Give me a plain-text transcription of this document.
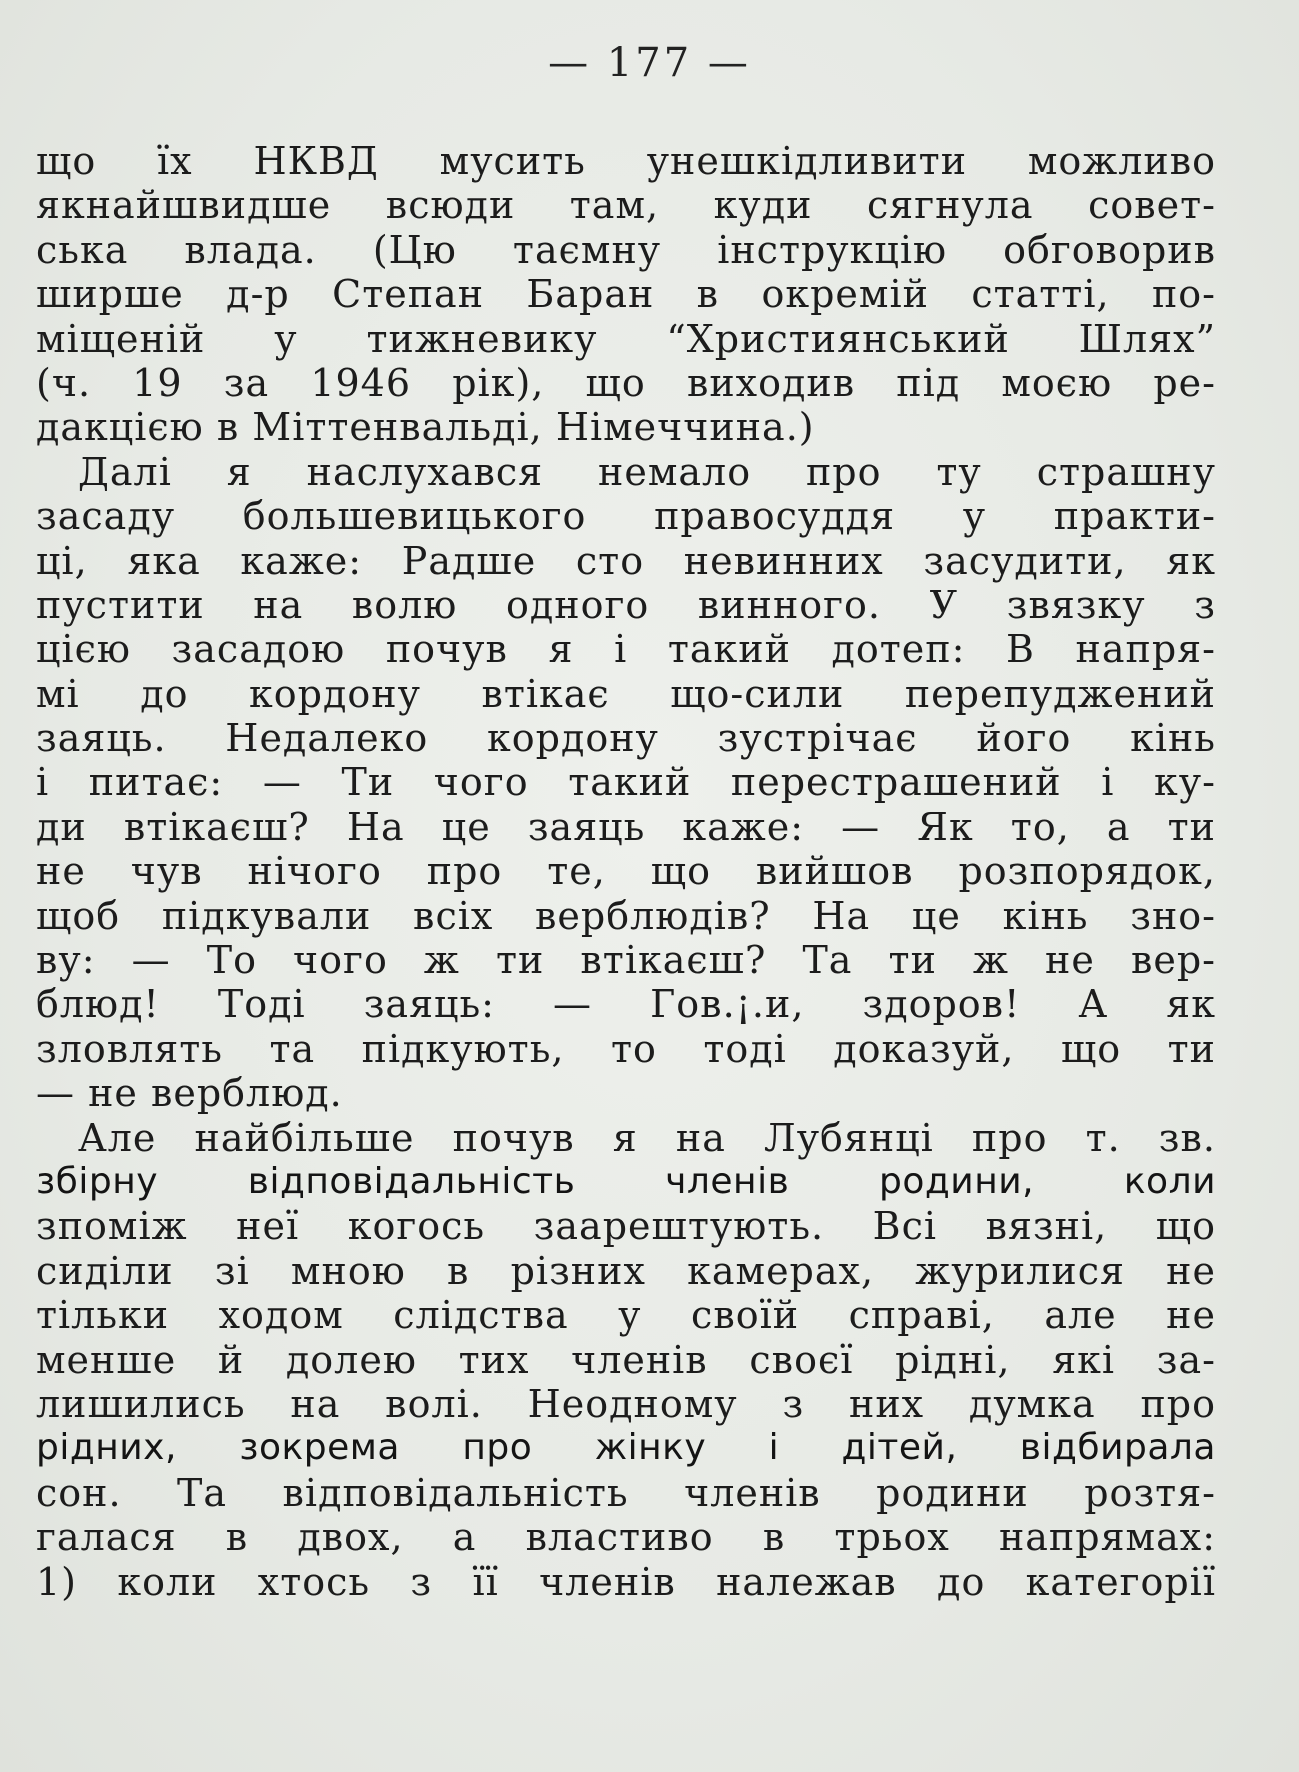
— 177 —
що їх НКВД мусить унешкідливити можливо
якнайшвидше всюди там, куди сягнула совет-
ська влада. (Цю таємну інструкцію обговорив
ширше д-р Степан Баран в окремій статті, по-
міщеній у тижневику “Християнський Шлях”
(ч. 19 за 1946 рік), що виходив під моєю ре-
дакцією в Міттенвальді, Німеччина.)
Далі я наслухався немало про ту страшну
засаду большевицького правосуддя у практи-
ці, яка каже: Радше сто невинних засудити, як
пустити на волю одного винного. У звязку з
цією засадою почув я і такий дотеп: В напря-
мі до кордону втікає що-сили перепуджений
заяць. Недалеко кордону зустрічає його кінь
і питає: — Ти чого такий перестрашений і ку-
ди втікаєш? На це заяць каже: — Як то, а ти
не чув нічого про те, що вийшов розпорядок,
щоб підкували всіх верблюдів? На це кінь зно-
ву: — То чого ж ти втікаєш? Та ти ж не вер-
блюд! Тоді заяць: — Гов.¡.и, здоров! А як
зловлять та підкують, то тоді доказуй, що ти
— не верблюд.
Але найбільше почув я на Лубянці про т. зв.
збірну відповідальність членів родини, коли
зпоміж неї когось заарештують. Всі вязні, що
сиділи зі мною в різних камерах, журилися не
тільки ходом слідства у своїй справі, але не
менше й долею тих членів своєї рідні, які за-
лишились на волі. Неодному з них думка про
рідних, зокрема про жінку і дітей, відбирала
сон. Та відповідальність членів родини розтя-
галася в двох, а властиво в трьох напрямах:
1) коли хтось з її членів належав до категорії
